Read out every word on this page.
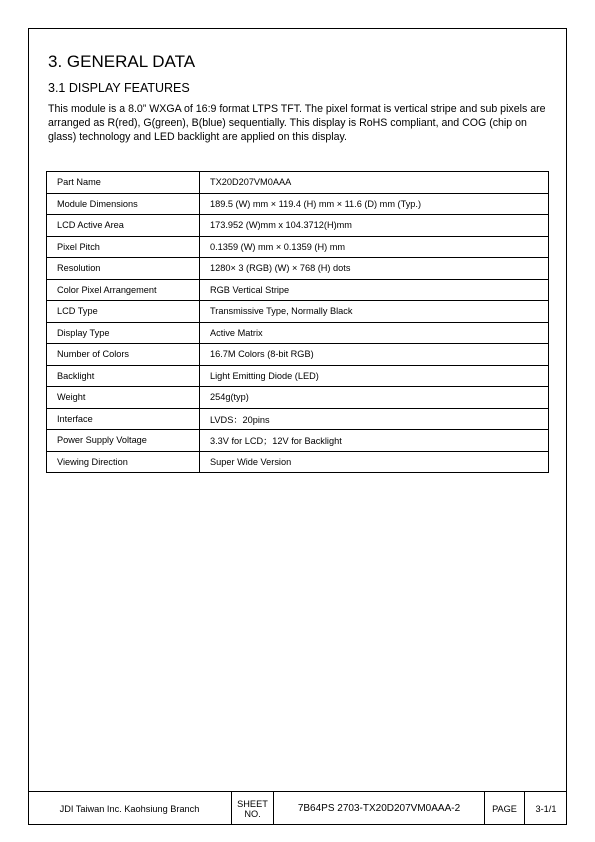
3. GENERAL DATA
3.1 DISPLAY FEATURES

This module is a 8.0” WXGA of 16:9 format LTPS TFT. The pixel format is vertical stripe and sub pixels are arranged as R(red), G(green), B(blue) sequentially. This display is RoHS compliant, and COG (chip on glass) technology and LED backlight are applied on this display.

Part Name	TX20D207VM0AAA
Module Dimensions	189.5 (W) mm × 119.4 (H) mm × 11.6 (D) mm (Typ.)
LCD Active Area	173.952 (W)mm x 104.3712(H)mm
Pixel Pitch	0.1359 (W) mm × 0.1359 (H) mm
Resolution	1280× 3 (RGB) (W) × 768 (H) dots
Color Pixel Arrangement	RGB Vertical Stripe
LCD Type	Transmissive Type, Normally Black
Display Type	Active Matrix
Number of Colors	16.7M Colors (8-bit RGB)
Backlight	Light Emitting Diode (LED)
Weight	254g(typ)
Interface	LVDS：20pins
Power Supply Voltage	3.3V for LCD；12V for Backlight
Viewing Direction	Super Wide Version
JDI Taiwan Inc. Kaohsiung Branch	SHEET
NO.	7B64PS 2703-TX20D207VM0AAA-2	PAGE	3-1/1
